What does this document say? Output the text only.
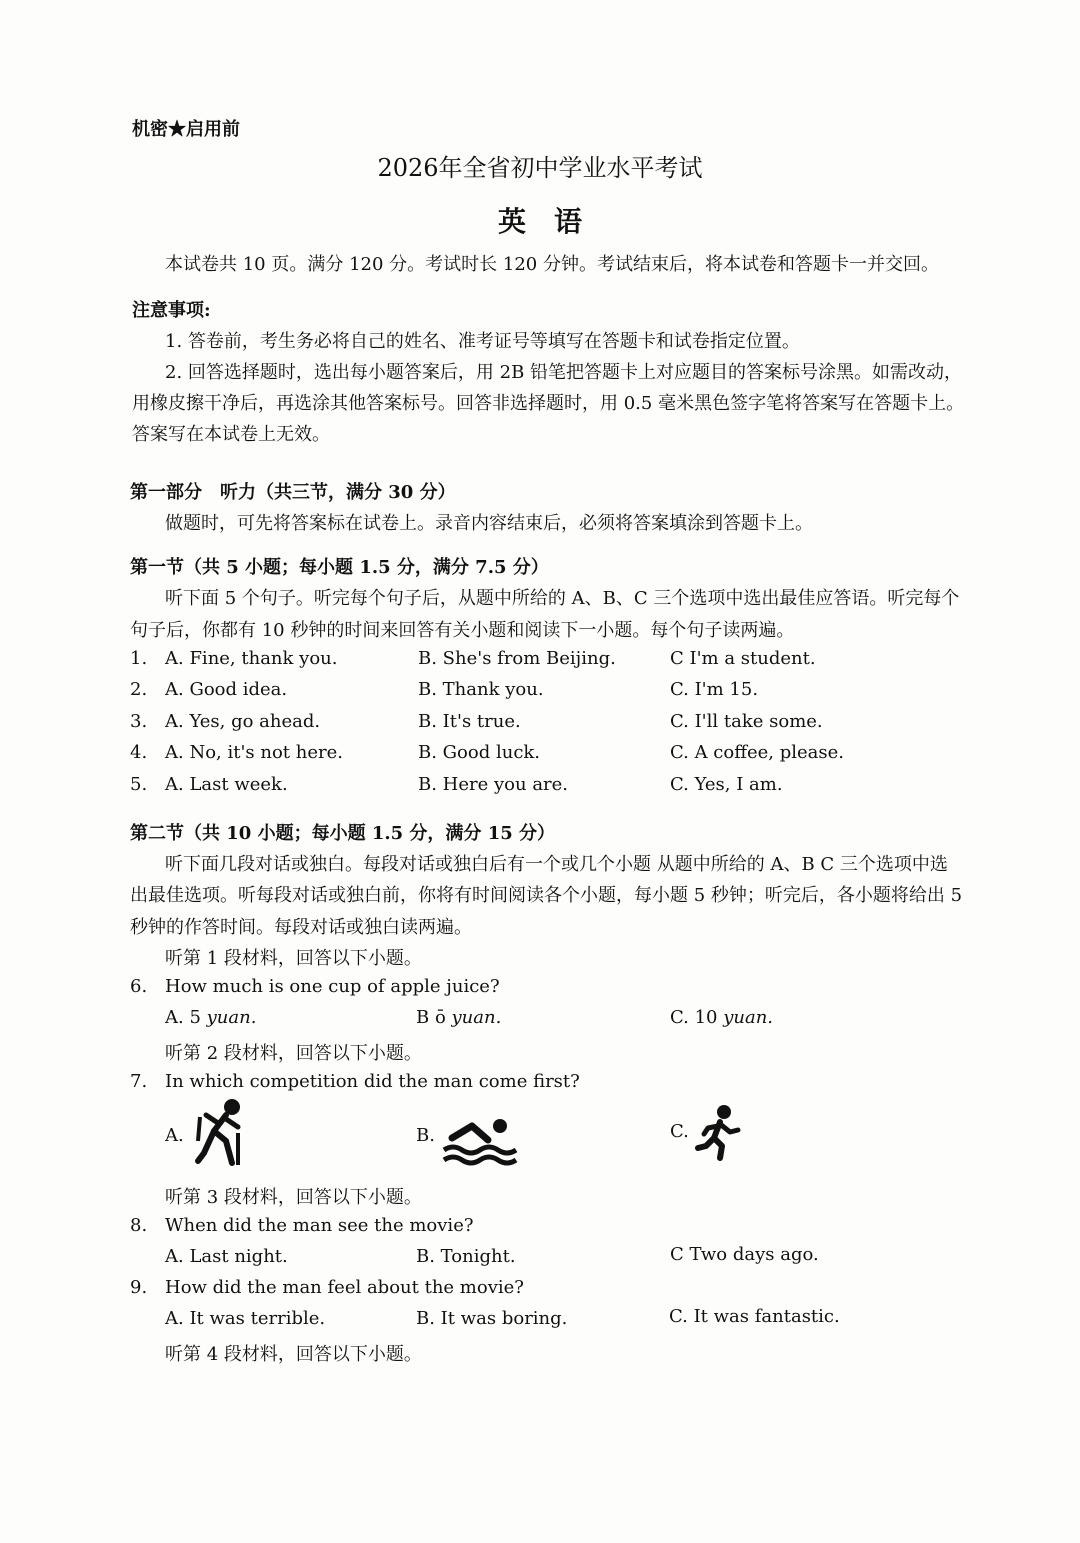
机密★启用前
2026年全省初中学业水平考试
英　语
本试卷共 10 页。满分 120 分。考试时长 120 分钟。考试结束后，将本试卷和答题卡一并交回。
注意事项:
1. 答卷前，考生务必将自己的姓名、准考证号等填写在答题卡和试卷指定位置。
2. 回答选择题时，选出每小题答案后，用 2B 铅笔把答题卡上对应题目的答案标号涂黑。如需改动，
用橡皮擦干净后，再选涂其他答案标号。回答非选择题时，用 0.5 毫米黑色签字笔将答案写在答题卡上。
答案写在本试卷上无效。
第一部分　听力（共三节，满分 30 分）
做题时，可先将答案标在试卷上。录音内容结束后，必须将答案填涂到答题卡上。
第一节（共 5 小题；每小题 1.5 分，满分 7.5 分）
听下面 5 个句子。听完每个句子后，从题中所给的 A、B、C 三个选项中选出最佳应答语。听完每个
句子后，你都有 10 秒钟的时间来回答有关小题和阅读下一小题。每个句子读两遍。
1. A. Fine, thank you.	B. She's from Beijing.	C I'm a student.
2. A. Good idea.	B. Thank you.	C. I'm 15.
3. A. Yes, go ahead.	B. It's true.	C. I'll take some.
4. A. No, it's not here.	B. Good luck.	C. A coffee, please.
5. A. Last week.	B. Here you are.	C. Yes, I am.
第二节（共 10 小题；每小题 1.5 分，满分 15 分）
听下面几段对话或独白。每段对话或独白后有一个或几个小题 从题中所给的 A、B C 三个选项中选
出最佳选项。听每段对话或独白前，你将有时间阅读各个小题，每小题 5 秒钟；听完后，各小题将给出 5
秒钟的作答时间。每段对话或独白读两遍。
听第 1 段材料，回答以下小题。
6. How much is one cup of apple juice?
A. 5 yuan.	B ō yuan.	C. 10 yuan.
听第 2 段材料，回答以下小题。
7. In which competition did the man come first?
A.	B.	C.
听第 3 段材料，回答以下小题。
8. When did the man see the movie?
A. Last night.	B. Tonight.	C Two days ago.
9. How did the man feel about the movie?
A. It was terrible.	B. It was boring.	C. It was fantastic.
听第 4 段材料，回答以下小题。
